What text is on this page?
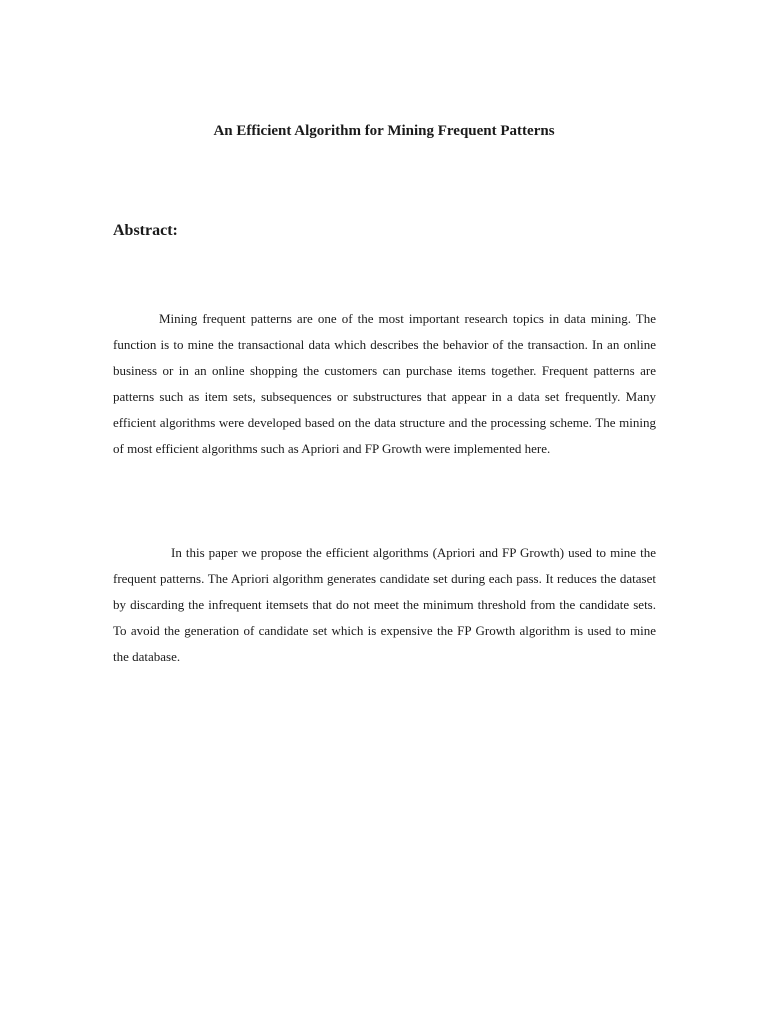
An Efficient Algorithm for Mining Frequent Patterns
Abstract:

Mining frequent patterns are one of the most important research topics in data mining. The function is to mine the transactional data which describes the behavior of the transaction. In an online business or in an online shopping the customers can purchase items together. Frequent patterns are patterns such as item sets, subsequences or substructures that appear in a data set frequently. Many efficient algorithms were developed based on the data structure and the processing scheme. The mining of most efficient algorithms such as Apriori and FP Growth were implemented here.

In this paper we propose the efficient algorithms (Apriori and FP Growth) used to mine the frequent patterns. The Apriori algorithm generates candidate set during each pass. It reduces the dataset by discarding the infrequent itemsets that do not meet the minimum threshold from the candidate sets. To avoid the generation of candidate set which is expensive the FP Growth algorithm is used to mine the database.
